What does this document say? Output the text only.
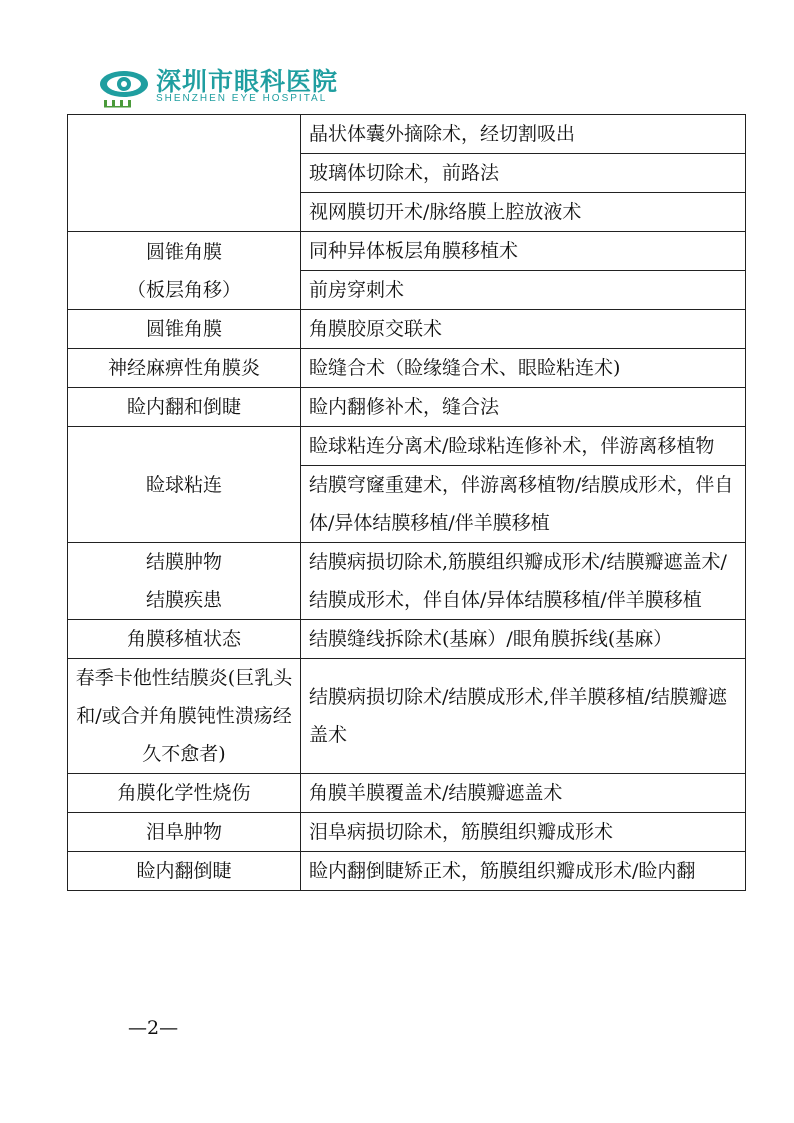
深圳市眼科医院
SHENZHEN EYE HOSPITAL
	晶状体囊外摘除术，经切割吸出
	玻璃体切除术，前路法
	视网膜切开术/脉络膜上腔放液术
圆锥角膜
（板层角移）	同种异体板层角膜移植术
	前房穿刺术
圆锥角膜	角膜胶原交联术
神经麻痹性角膜炎	睑缝合术（睑缘缝合术、眼睑粘连术)
睑内翻和倒睫	睑内翻修补术，缝合法
睑球粘连	睑球粘连分离术/睑球粘连修补术，伴游离移植物
	结膜穹窿重建术，伴游离移植物/结膜成形术，伴自体/异体结膜移植/伴羊膜移植
结膜肿物
结膜疾患	结膜病损切除术,筋膜组织瓣成形术/结膜瓣遮盖术/结膜成形术，伴自体/异体结膜移植/伴羊膜移植
角膜移植状态	结膜缝线拆除术(基麻）/眼角膜拆线(基麻）
春季卡他性结膜炎(巨乳头和/或合并角膜钝性溃疡经久不愈者)	结膜病损切除术/结膜成形术,伴羊膜移植/结膜瓣遮盖术
角膜化学性烧伤	角膜羊膜覆盖术/结膜瓣遮盖术
泪阜肿物	泪阜病损切除术，筋膜组织瓣成形术
睑内翻倒睫	睑内翻倒睫矫正术，筋膜组织瓣成形术/睑内翻
—2—
